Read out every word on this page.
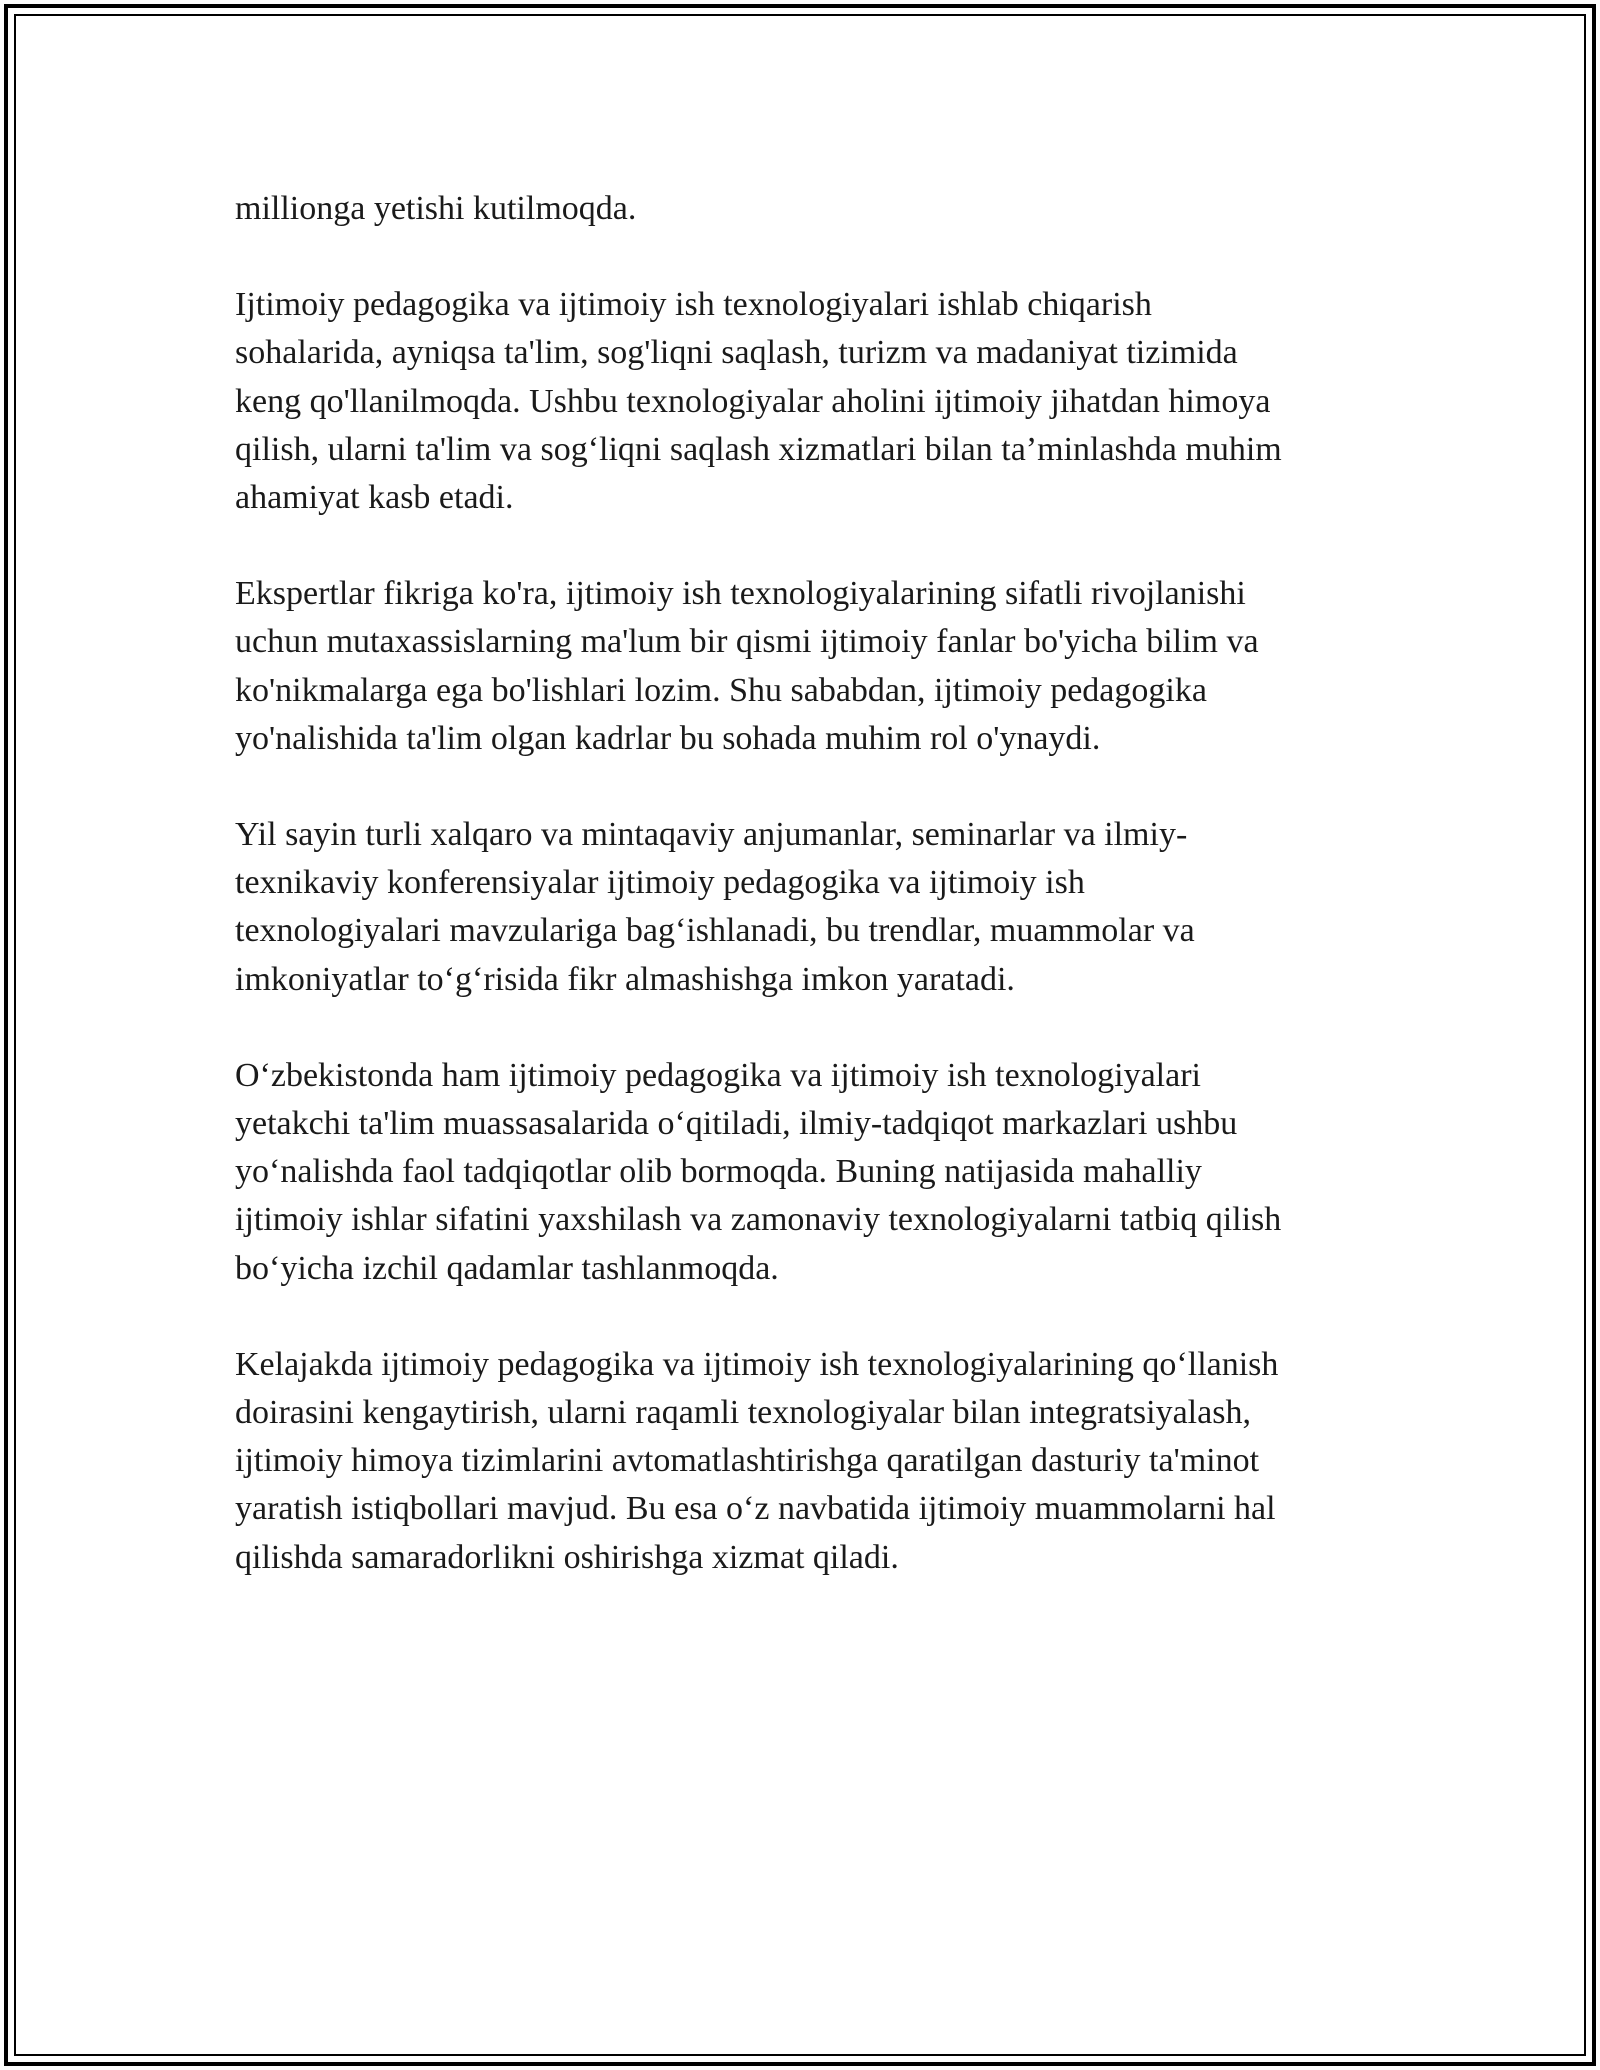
millionga yetishi kutilmoqda.

Ijtimoiy pedagogika va ijtimoiy ish texnologiyalari ishlab chiqarish
sohalarida, ayniqsa ta'lim, sog'liqni saqlash, turizm va madaniyat tizimida
keng qo'llanilmoqda. Ushbu texnologiyalar aholini ijtimoiy jihatdan himoya
qilish, ularni ta'lim va sog‘liqni saqlash xizmatlari bilan ta’minlashda muhim
ahamiyat kasb etadi.

Ekspertlar fikriga ko'ra, ijtimoiy ish texnologiyalarining sifatli rivojlanishi
uchun mutaxassislarning ma'lum bir qismi ijtimoiy fanlar bo'yicha bilim va
ko'nikmalarga ega bo'lishlari lozim. Shu sababdan, ijtimoiy pedagogika
yo'nalishida ta'lim olgan kadrlar bu sohada muhim rol o'ynaydi.

Yil sayin turli xalqaro va mintaqaviy anjumanlar, seminarlar va ilmiy-
texnikaviy konferensiyalar ijtimoiy pedagogika va ijtimoiy ish
texnologiyalari mavzulariga bag‘ishlanadi, bu trendlar, muammolar va
imkoniyatlar to‘g‘risida fikr almashishga imkon yaratadi.

O‘zbekistonda ham ijtimoiy pedagogika va ijtimoiy ish texnologiyalari
yetakchi ta'lim muassasalarida o‘qitiladi, ilmiy-tadqiqot markazlari ushbu
yo‘nalishda faol tadqiqotlar olib bormoqda. Buning natijasida mahalliy
ijtimoiy ishlar sifatini yaxshilash va zamonaviy texnologiyalarni tatbiq qilish
bo‘yicha izchil qadamlar tashlanmoqda.

Kelajakda ijtimoiy pedagogika va ijtimoiy ish texnologiyalarining qo‘llanish
doirasini kengaytirish, ularni raqamli texnologiyalar bilan integratsiyalash,
ijtimoiy himoya tizimlarini avtomatlashtirishga qaratilgan dasturiy ta'minot
yaratish istiqbollari mavjud. Bu esa o‘z navbatida ijtimoiy muammolarni hal
qilishda samaradorlikni oshirishga xizmat qiladi.
